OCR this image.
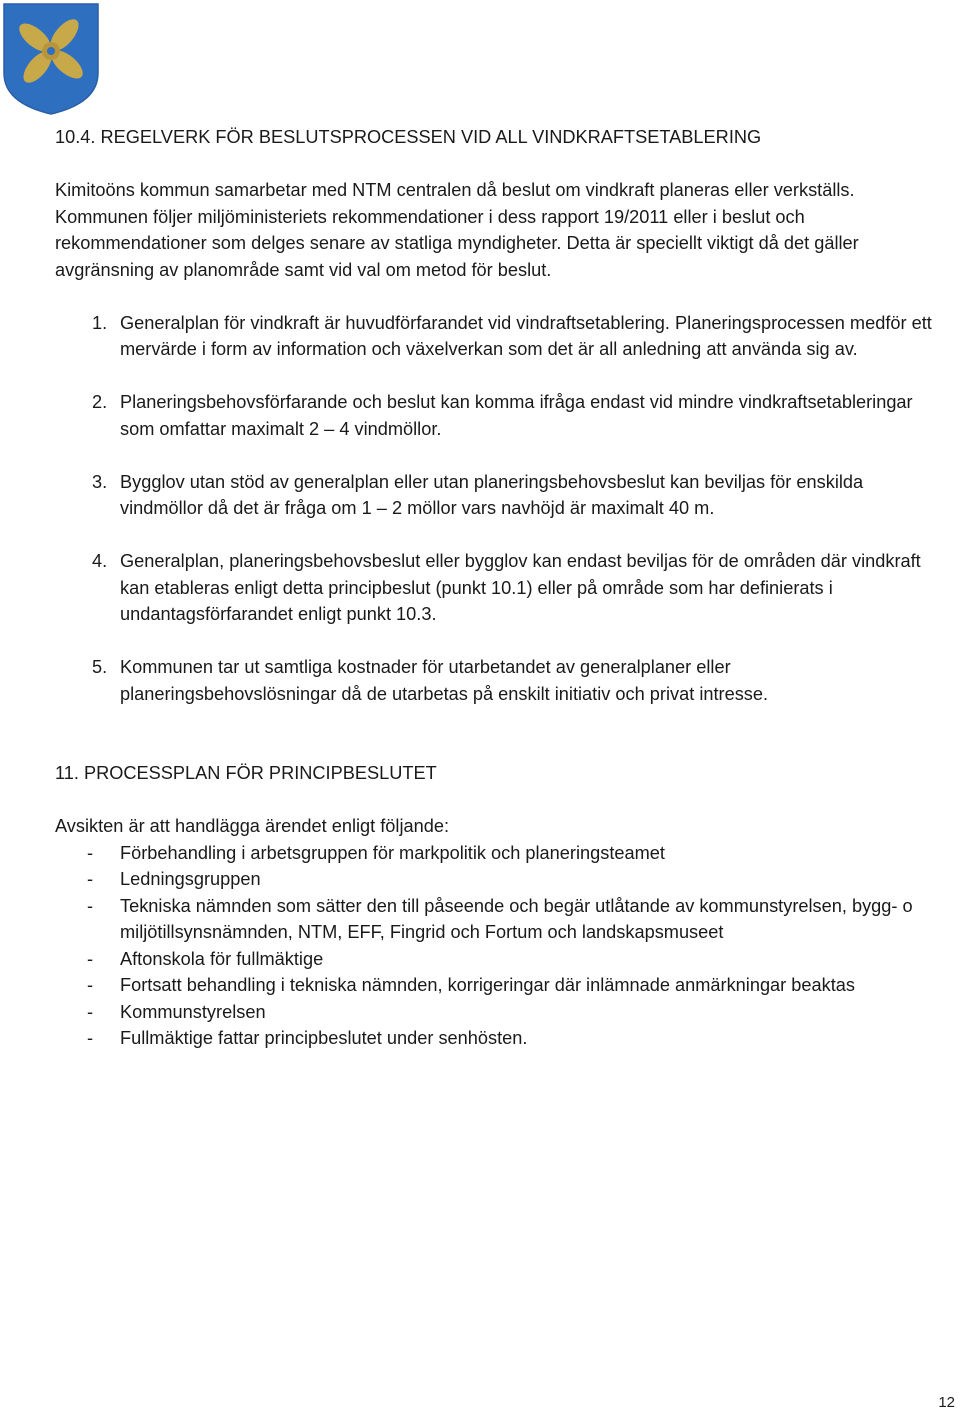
10.4. REGELVERK FÖR BESLUTSPROCESSEN VID ALL VINDKRAFTSETABLERING

Kimitoöns kommun samarbetar med NTM centralen då beslut om vindkraft planeras eller verkställs. Kommunen följer miljöministeriets rekommendationer i dess rapport 19/2011 eller i beslut och rekommendationer som delges senare av statliga myndigheter. Detta är speciellt viktigt då det gäller avgränsning av planområde samt vid val om metod för beslut.

1. Generalplan för vindkraft är huvudförfarandet vid vindraftsetablering. Planeringsprocessen medför ett mervärde i form av information och växelverkan som det är all anledning att använda sig av.
2. Planeringsbehovsförfarande och beslut kan komma ifråga endast vid mindre vindkraftsetableringar som omfattar maximalt 2 – 4 vindmöllor.
3. Bygglov utan stöd av generalplan eller utan planeringsbehovsbeslut kan beviljas för enskilda vindmöllor då det är fråga om 1 – 2 möllor vars navhöjd är maximalt 40 m.
4. Generalplan, planeringsbehovsbeslut eller bygglov kan endast beviljas för de områden där vindkraft kan etableras enligt detta principbeslut (punkt 10.1) eller på område som har definierats i undantagsförfarandet enligt punkt 10.3.
5. Kommunen tar ut samtliga kostnader för utarbetandet av generalplaner eller planeringsbehovslösningar då de utarbetas på enskilt initiativ och privat intresse.
11. PROCESSPLAN FÖR PRINCIPBESLUTET

Avsikten är att handlägga ärendet enligt följande:

- Förbehandling i arbetsgruppen för markpolitik och planeringsteamet
- Ledningsgruppen
- Tekniska nämnden som sätter den till påseende och begär utlåtande av kommunstyrelsen, bygg- o miljötillsynsnämnden, NTM, EFF, Fingrid och Fortum och landskapsmuseet
- Aftonskola för fullmäktige
- Fortsatt behandling i tekniska nämnden, korrigeringar där inlämnade anmärkningar beaktas
- Kommunstyrelsen
- Fullmäktige fattar principbeslutet under senhösten.
12
